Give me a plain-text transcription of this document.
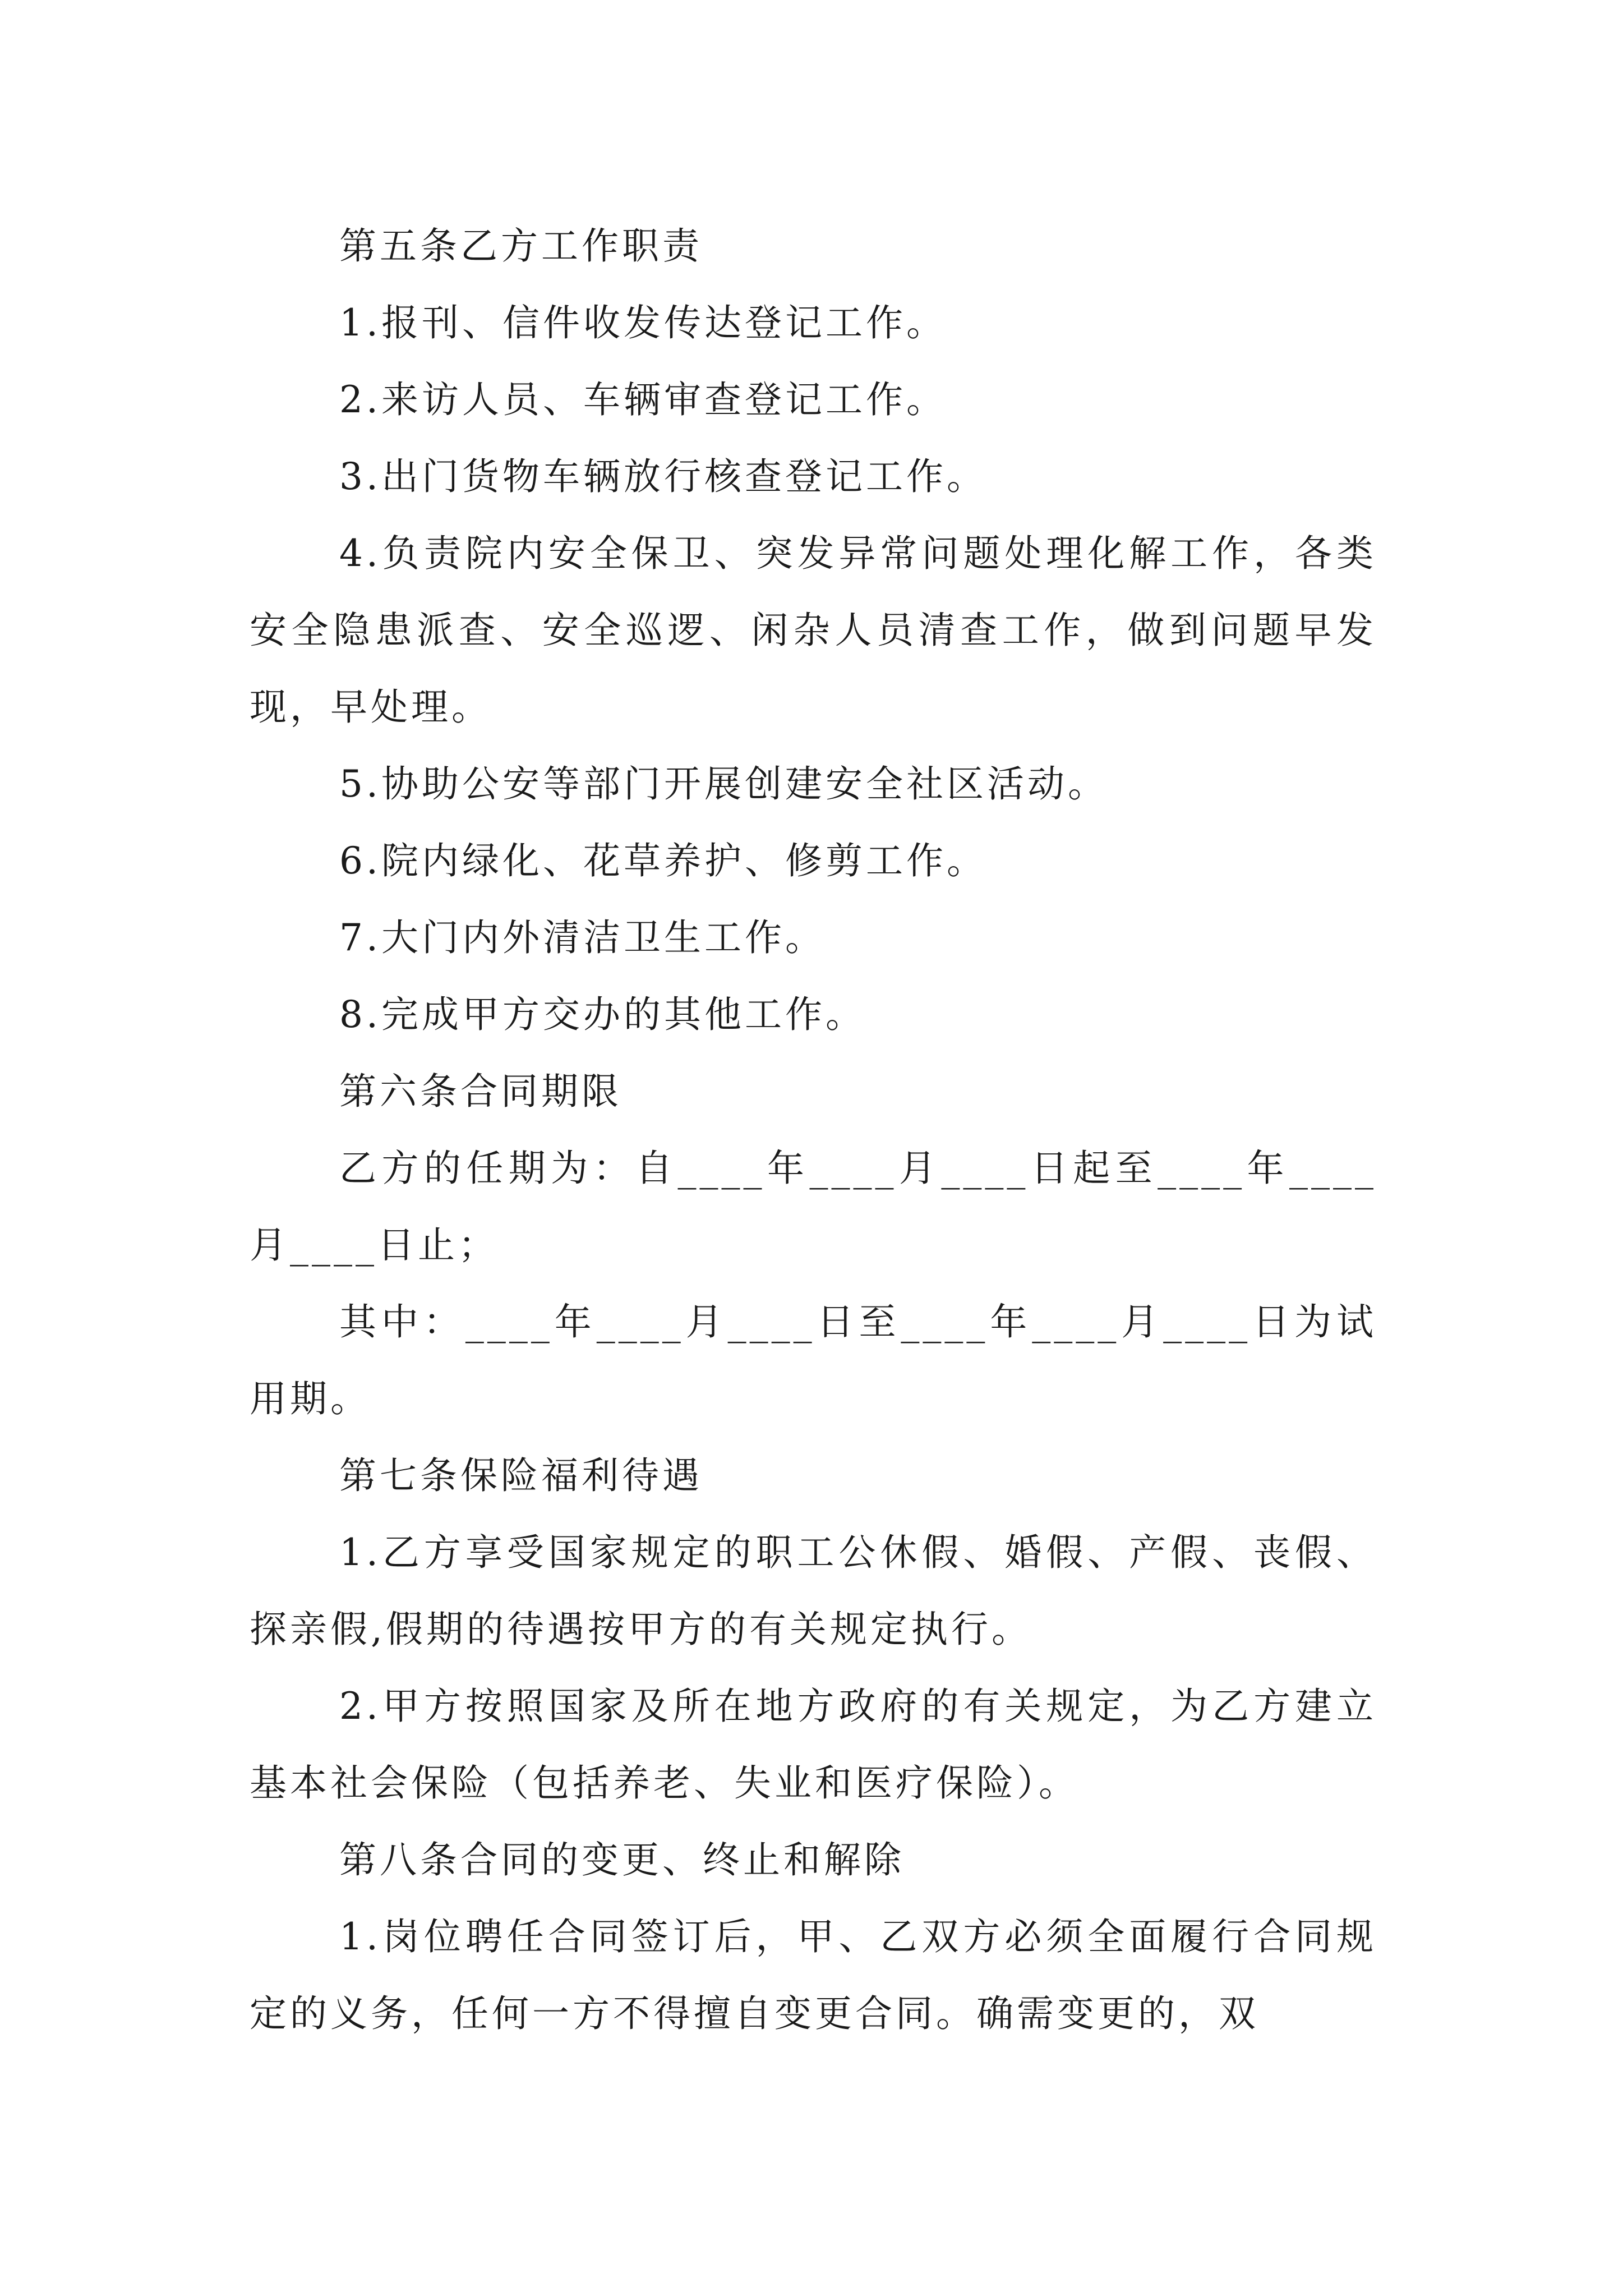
第五条乙方工作职责

1.报刊、信件收发传达登记工作。

2.来访人员、车辆审查登记工作。

3.出门货物车辆放行核查登记工作。

4.负责院内安全保卫、突发异常问题处理化解工作，各类安全隐患派查、安全巡逻、闲杂人员清查工作，做到问题早发现，早处理。

5.协助公安等部门开展创建安全社区活动。

6.院内绿化、花草养护、修剪工作。

7.大门内外清洁卫生工作。

8.完成甲方交办的其他工作。

第六条合同期限

乙方的任期为：自____年____月____日起至____年____月____日止；

其中：____年____月____日至____年____月____日为试用期。

第七条保险福利待遇

1.乙方享受国家规定的职工公休假、婚假、产假、丧假、探亲假,假期的待遇按甲方的有关规定执行。

2.甲方按照国家及所在地方政府的有关规定，为乙方建立基本社会保险（包括养老、失业和医疗保险）。

第八条合同的变更、终止和解除

1.岗位聘任合同签订后，甲、乙双方必须全面履行合同规定的义务，任何一方不得擅自变更合同。确需变更的，双
